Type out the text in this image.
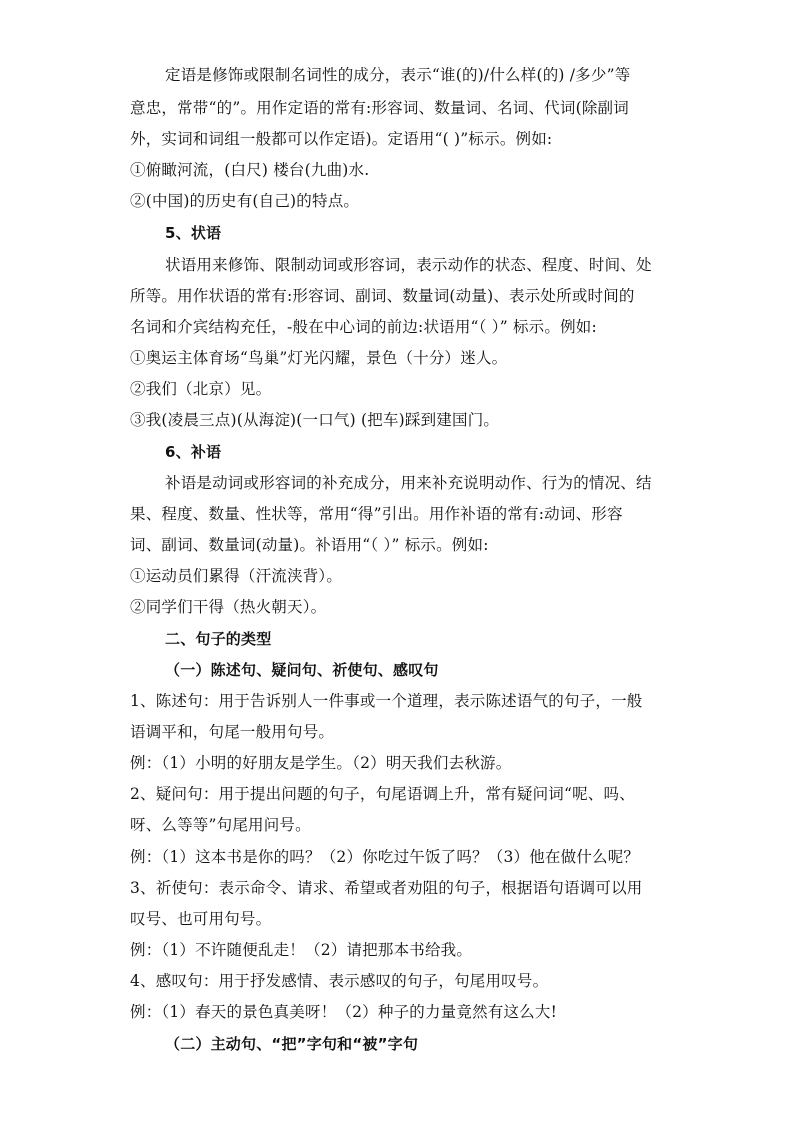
定语是修饰或限制名词性的成分，表示“谁(的)/什么样(的) /多少”等
意忠，常带“的”。用作定语的常有:形容词、数量词、名词、代词(除副词
外，实词和词组一般都可以作定语)。定语用“( )”标示。例如:
①俯瞰河流，(白尺) 楼台(九曲)水.
②(中国)的历史有(自己)的特点。
5、状语
状语用来修饰、限制动词或形容词，表示动作的状态、程度、时间、处
所等。用作状语的常有:形容词、副词、数量词(动量)、表示处所或时间的
名词和介宾结构充任，-般在中心词的前边:状语用“（ ）” 标示。例如:
①奥运主体育场“鸟巢”灯光闪耀，景色（十分）迷人。
②我们（北京）见。
③我(凌晨三点)(从海淀)(一口气) (把车)踩到建国门。
6、补语
补语是动词或形容词的补充成分，用来补充说明动作、行为的情况、结
果、程度、数量、性状等，常用“得”引出。用作补语的常有:动词、形容
词、副词、数量词(动量)。补语用“（ ）” 标示。例如:
①运动员们累得（汗流浃背）。
②同学们干得（热火朝天）。
二、句子的类型
（一）陈述句、疑问句、祈使句、感叹句
1、陈述句：用于告诉别人一件事或一个道理，表示陈述语气的句子，一般
语调平和，句尾一般用句号。
例：（1）小明的好朋友是学生。（2）明天我们去秋游。
2、疑问句：用于提出问题的句子，句尾语调上升，常有疑问词“呢、吗、
呀、么等等”句尾用问号。
例：（1）这本书是你的吗？（2）你吃过午饭了吗？（3）他在做什么呢？
3、祈使句：表示命令、请求、希望或者劝阻的句子，根据语句语调可以用
叹号、也可用句号。
例：（1）不许随便乱走！（2）请把那本书给我。
4、感叹句：用于抒发感情、表示感叹的句子，句尾用叹号。
例：（1）春天的景色真美呀！（2）种子的力量竟然有这么大!
（二）主动句、“把”字句和“被”字句
